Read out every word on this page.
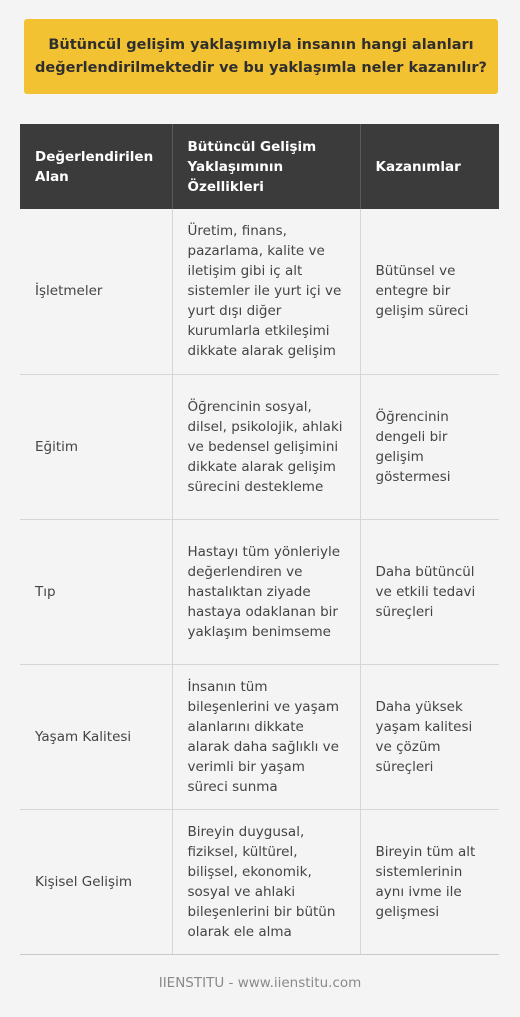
Bütüncül gelişim yaklaşımıyla insanın hangi alanları değerlendirilmektedir ve bu yaklaşımla neler kazanılır?
Değerlendirilen Alan	Bütüncül Gelişim Yaklaşımının Özellikleri	Kazanımlar
İşletmeler	Üretim, finans, pazarlama, kalite ve iletişim gibi iç alt sistemler ile yurt içi ve yurt dışı diğer kurumlarla etkileşimi dikkate alarak gelişim	Bütünsel ve entegre bir gelişim süreci
Eğitim	Öğrencinin sosyal, dilsel, psikolojik, ahlaki ve bedensel gelişimini dikkate alarak gelişim sürecini destekleme	Öğrencinin dengeli bir gelişim göstermesi
Tıp	Hastayı tüm yönleriyle değerlendiren ve hastalıktan ziyade hastaya odaklanan bir yaklaşım benimseme	Daha bütüncül ve etkili tedavi süreçleri
Yaşam Kalitesi	İnsanın tüm bileşenlerini ve yaşam alanlarını dikkate alarak daha sağlıklı ve verimli bir yaşam süreci sunma	Daha yüksek yaşam kalitesi ve çözüm süreçleri
Kişisel Gelişim	Bireyin duygusal, fiziksel, kültürel, bilişsel, ekonomik, sosyal ve ahlaki bileşenlerini bir bütün olarak ele alma	Bireyin tüm alt sistemlerinin aynı ivme ile gelişmesi
IIENSTITU - www.iienstitu.com
